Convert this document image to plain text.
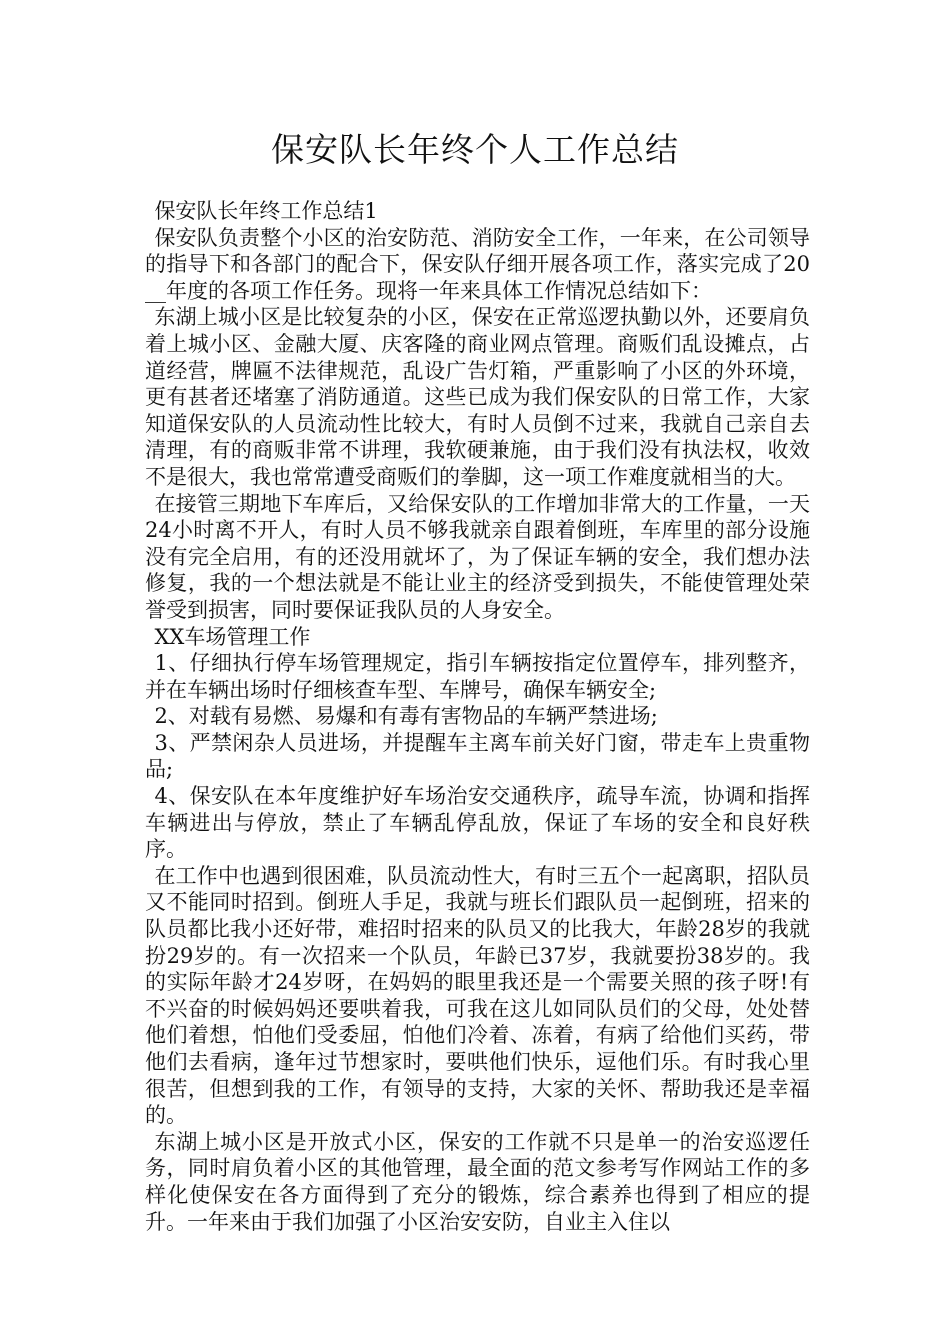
保安队长年终个人工作总结

保安队长年终工作总结1

保安队负责整个小区的治安防范、消防安全工作，一年来，在公司领导的指导下和各部门的配合下，保安队仔细开展各项工作，落实完成了20__年度的各项工作任务。现将一年来具体工作情况总结如下：

东湖上城小区是比较复杂的小区，保安在正常巡逻执勤以外，还要肩负着上城小区、金融大厦、庆客隆的商业网点管理。商贩们乱设摊点，占道经营，牌匾不法律规范，乱设广告灯箱，严重影响了小区的外环境，更有甚者还堵塞了消防通道。这些已成为我们保安队的日常工作，大家知道保安队的人员流动性比较大，有时人员倒不过来，我就自己亲自去清理，有的商贩非常不讲理，我软硬兼施，由于我们没有执法权，收效不是很大，我也常常遭受商贩们的拳脚，这一项工作难度就相当的大。

在接管三期地下车库后，又给保安队的工作增加非常大的工作量，一天24小时离不开人，有时人员不够我就亲自跟着倒班，车库里的部分设施没有完全启用，有的还没用就坏了，为了保证车辆的安全，我们想办法修复，我的一个想法就是不能让业主的经济受到损失，不能使管理处荣誉受到损害，同时要保证我队员的人身安全。

XX车场管理工作

1、仔细执行停车场管理规定，指引车辆按指定位置停车，排列整齐，并在车辆出场时仔细核查车型、车牌号，确保车辆安全;

2、对载有易燃、易爆和有毒有害物品的车辆严禁进场;

3、严禁闲杂人员进场，并提醒车主离车前关好门窗，带走车上贵重物品;

4、保安队在本年度维护好车场治安交通秩序，疏导车流，协调和指挥车辆进出与停放，禁止了车辆乱停乱放，保证了车场的安全和良好秩序。

在工作中也遇到很困难，队员流动性大，有时三五个一起离职，招队员又不能同时招到。倒班人手足，我就与班长们跟队员一起倒班，招来的队员都比我小还好带，难招时招来的队员又的比我大，年龄28岁的我就扮29岁的。有一次招来一个队员，年龄已37岁，我就要扮38岁的。我的实际年龄才24岁呀，在妈妈的眼里我还是一个需要关照的孩子呀!有不兴奋的时候妈妈还要哄着我，可我在这儿如同队员们的父母，处处替他们着想，怕他们受委屈，怕他们冷着、冻着，有病了给他们买药，带他们去看病，逢年过节想家时，要哄他们快乐，逗他们乐。有时我心里很苦，但想到我的工作，有领导的支持，大家的关怀、帮助我还是幸福的。

东湖上城小区是开放式小区，保安的工作就不只是单一的治安巡逻任务，同时肩负着小区的其他管理，最全面的范文参考写作网站工作的多样化使保安在各方面得到了充分的锻炼，综合素养也得到了相应的提升。一年来由于我们加强了小区治安安防，自业主入住以
